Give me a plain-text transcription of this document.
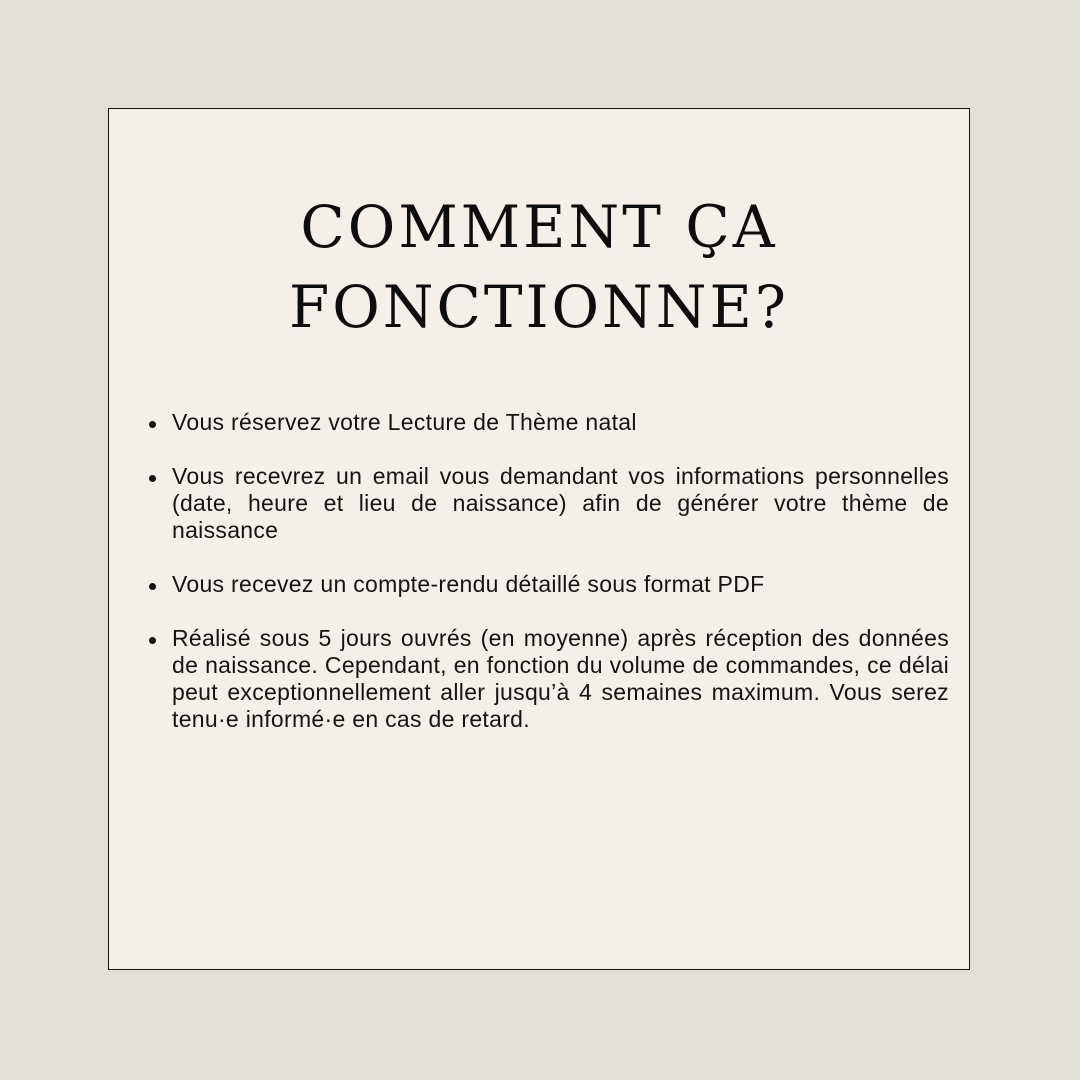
COMMENT ÇA
FONCTIONNE?
Vous réservez votre Lecture de Thème natal
Vous recevrez un email vous demandant vos informations personnelles (date, heure et lieu de naissance) afin de générer votre thème de naissance
Vous recevez un compte-rendu détaillé sous format PDF
Réalisé sous 5 jours ouvrés (en moyenne) après réception des données de naissance. Cependant, en fonction du volume de commandes, ce délai peut exceptionnellement aller jusqu’à 4 semaines maximum. Vous serez tenu·e informé·e en cas de retard.
